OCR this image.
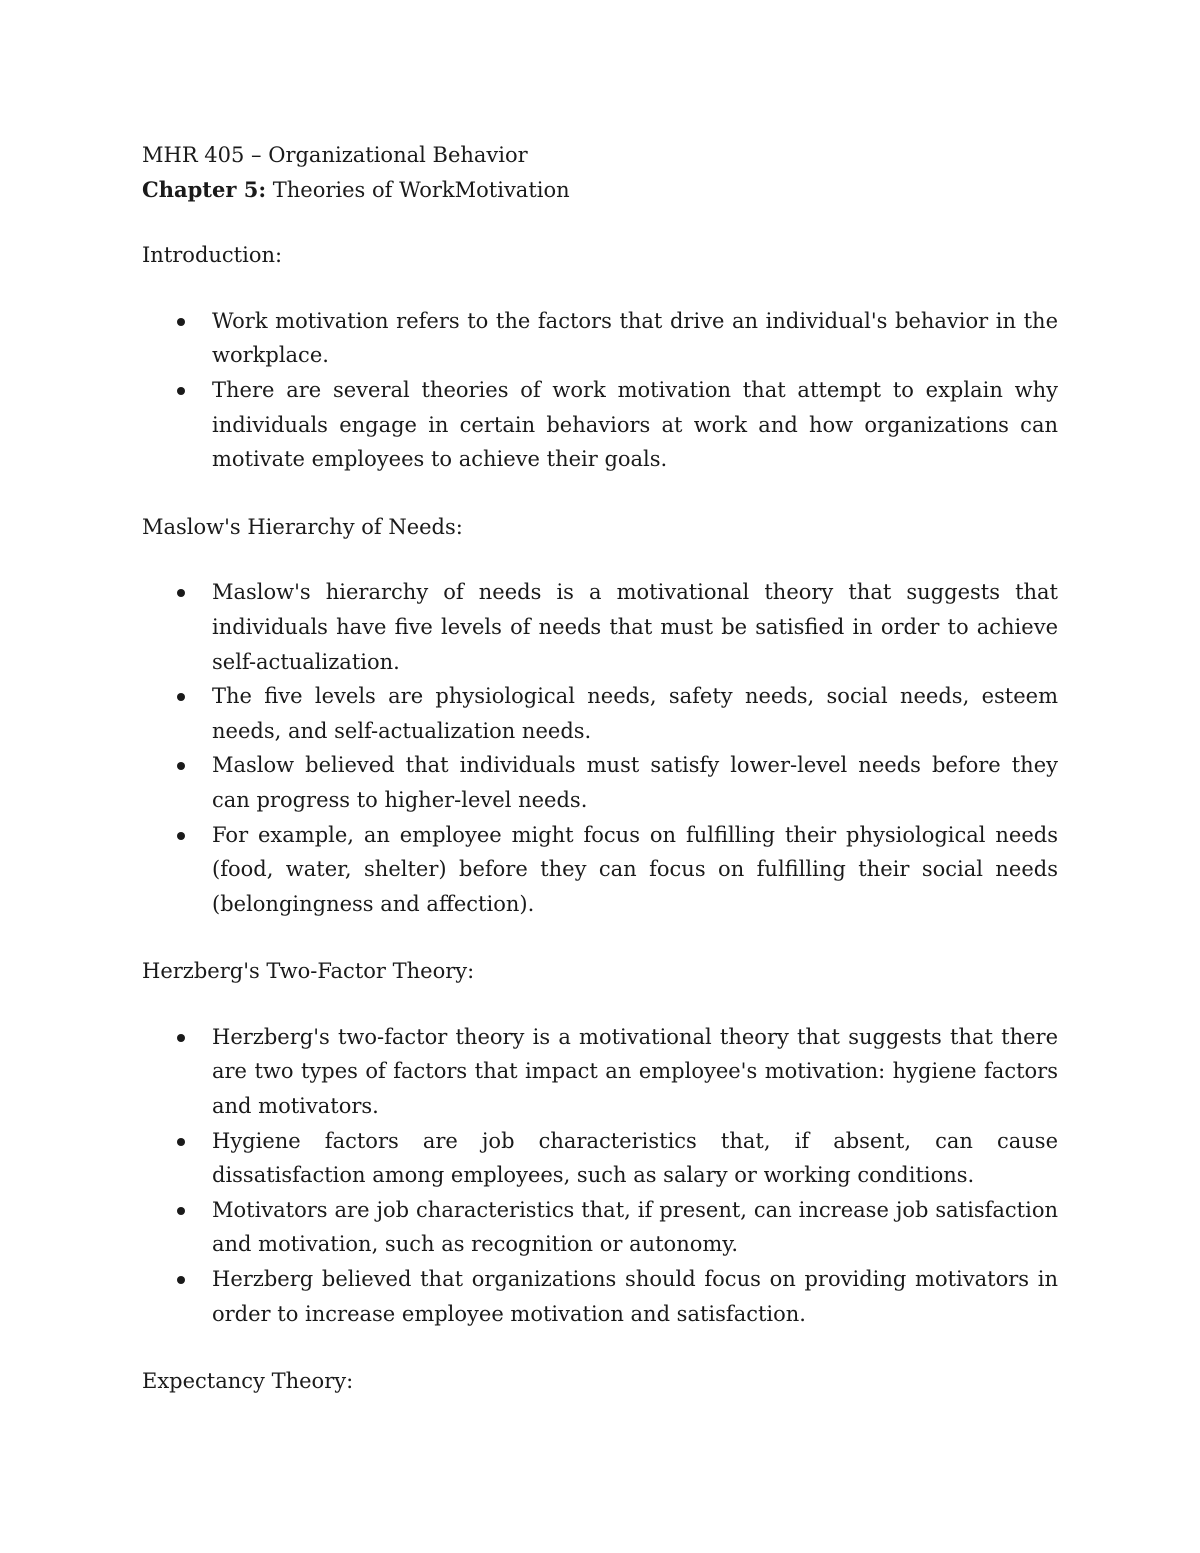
MHR 405 – Organizational Behavior

Chapter 5: Theories of WorkMotivation

Introduction:

Work motivation refers to the factors that drive an individual's behavior in the workplace.
There are several theories of work motivation that attempt to explain why individuals engage in certain behaviors at work and how organizations can motivate employees to achieve their goals.

Maslow's Hierarchy of Needs:

Maslow's hierarchy of needs is a motivational theory that suggests that individuals have five levels of needs that must be satisfied in order to achieve self-actualization.
The five levels are physiological needs, safety needs, social needs, esteem needs, and self-actualization needs.
Maslow believed that individuals must satisfy lower-level needs before they can progress to higher-level needs.
For example, an employee might focus on fulfilling their physiological needs (food, water, shelter) before they can focus on fulfilling their social needs (belongingness and affection).

Herzberg's Two-Factor Theory:

Herzberg's two-factor theory is a motivational theory that suggests that there are two types of factors that impact an employee's motivation: hygiene factors and motivators.
Hygiene factors are job characteristics that, if absent, can cause dissatisfaction among employees, such as salary or working conditions.
Motivators are job characteristics that, if present, can increase job satisfaction and motivation, such as recognition or autonomy.
Herzberg believed that organizations should focus on providing motivators in order to increase employee motivation and satisfaction.

Expectancy Theory:
